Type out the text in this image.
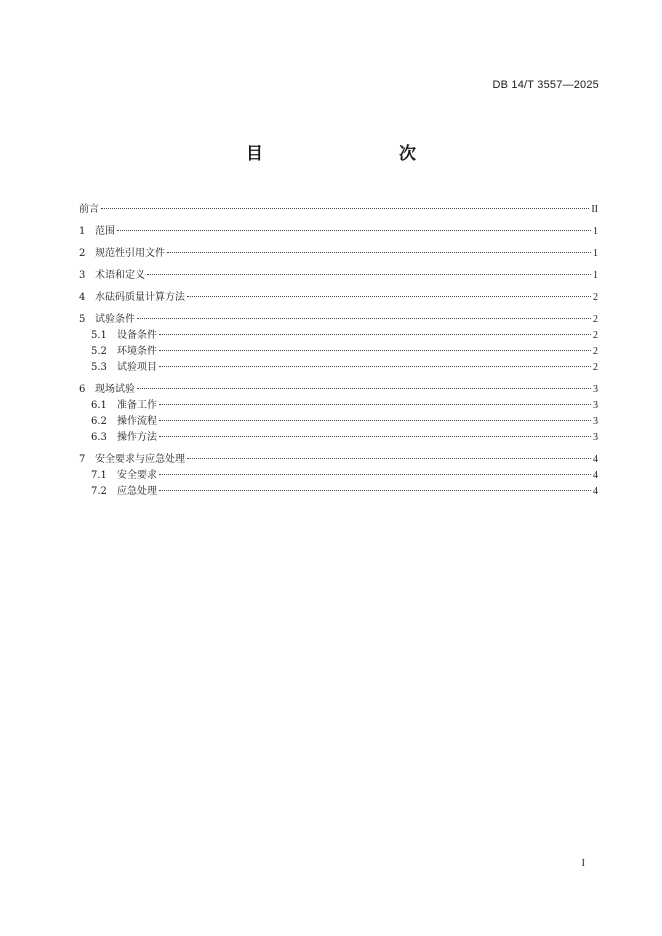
DB 14/T 3557—2025
目　　次
前言	II
1 范围	1
2 规范性引用文件	1
3 术语和定义	1
4 水砝码质量计算方法	2
5 试验条件	2
5.1	设备条件	2
5.2	环境条件	2
5.3	试验项目	2
6 现场试验	3
6.1	准备工作	3
6.2	操作流程	3
6.3	操作方法	3
7 安全要求与应急处理	4
7.1	安全要求	4
7.2	应急处理	4
I
